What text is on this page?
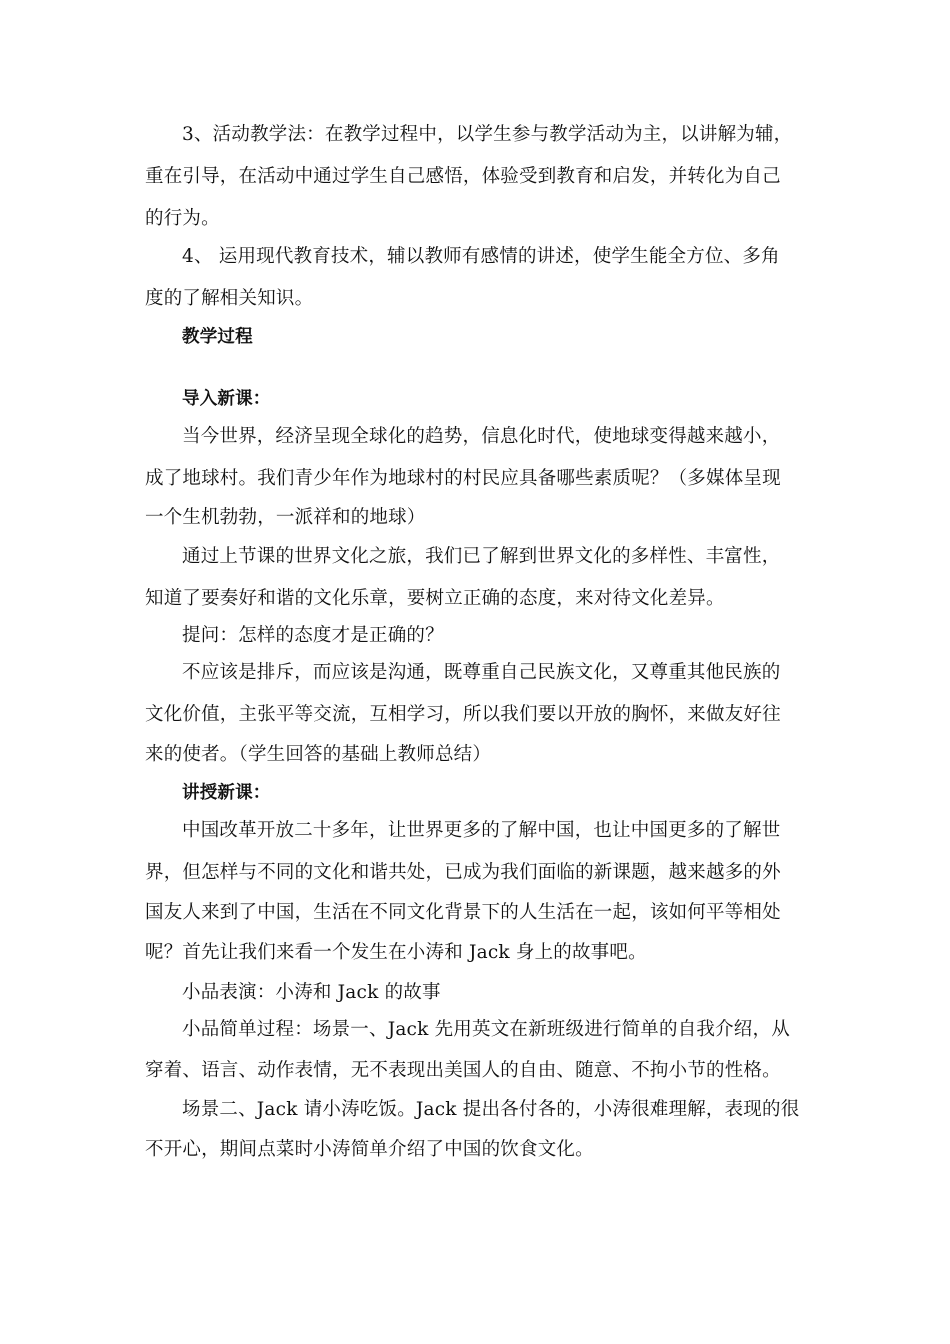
3、活动教学法：在教学过程中，以学生参与教学活动为主，以讲解为辅，
重在引导，在活动中通过学生自己感悟，体验受到教育和启发，并转化为自己
的行为。
4、 运用现代教育技术，辅以教师有感情的讲述，使学生能全方位、多角
度的了解相关知识。
教学过程
导入新课：
当今世界，经济呈现全球化的趋势，信息化时代，使地球变得越来越小，
成了地球村。我们青少年作为地球村的村民应具备哪些素质呢？（多媒体呈现
一个生机勃勃，一派祥和的地球）
通过上节课的世界文化之旅，我们已了解到世界文化的多样性、丰富性，
知道了要奏好和谐的文化乐章，要树立正确的态度，来对待文化差异。
提问：怎样的态度才是正确的？
不应该是排斥，而应该是沟通，既尊重自己民族文化，又尊重其他民族的
文化价值，主张平等交流，互相学习，所以我们要以开放的胸怀，来做友好往
来的使者。（学生回答的基础上教师总结）
讲授新课：
中国改革开放二十多年，让世界更多的了解中国，也让中国更多的了解世
界，但怎样与不同的文化和谐共处，已成为我们面临的新课题，越来越多的外
国友人来到了中国，生活在不同文化背景下的人生活在一起，该如何平等相处
呢？首先让我们来看一个发生在小涛和 Jack 身上的故事吧。
小品表演：小涛和 Jack 的故事
小品简单过程：场景一、Jack 先用英文在新班级进行简单的自我介绍，从
穿着、语言、动作表情，无不表现出美国人的自由、随意、不拘小节的性格。
场景二、Jack 请小涛吃饭。Jack 提出各付各的，小涛很难理解，表现的很
不开心，期间点菜时小涛简单介绍了中国的饮食文化。
